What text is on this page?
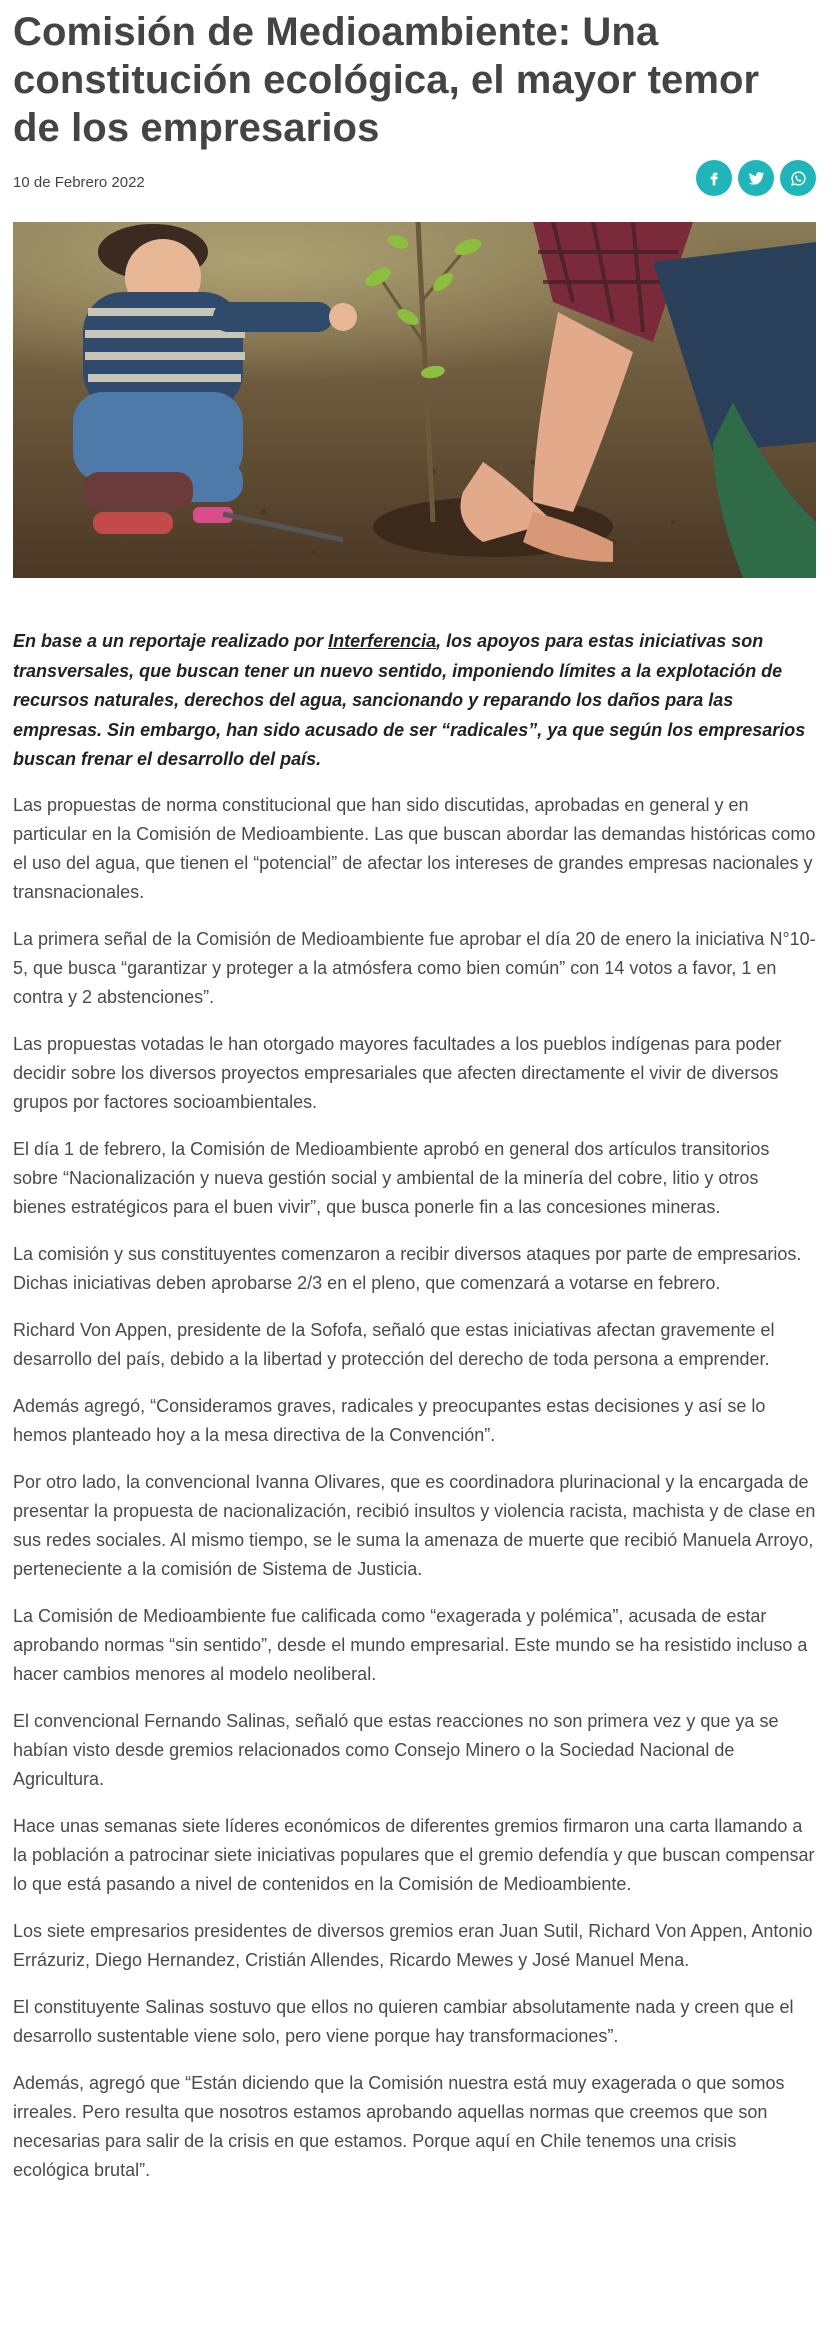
Comisión de Medioambiente: Una constitución ecológica, el mayor temor de los empresarios
10 de Febrero 2022

En base a un reportaje realizado por Interferencia, los apoyos para estas iniciativas son transversales, que buscan tener un nuevo sentido, imponiendo límites a la explotación de recursos naturales, derechos del agua, sancionando y reparando los daños para las empresas. Sin embargo, han sido acusado de ser “radicales”, ya que según los empresarios buscan frenar el desarrollo del país.

Las propuestas de norma constitucional que han sido discutidas, aprobadas en general y en particular en la Comisión de Medioambiente. Las que buscan abordar las demandas históricas como el uso del agua, que tienen el “potencial” de afectar los intereses de grandes empresas nacionales y transnacionales.

La primera señal de la Comisión de Medioambiente fue aprobar el día 20 de enero la iniciativa N°10-5, que busca “garantizar y proteger a la atmósfera como bien común” con 14 votos a favor, 1 en contra y 2 abstenciones”.

Las propuestas votadas le han otorgado mayores facultades a los pueblos indígenas para poder decidir sobre los diversos proyectos empresariales que afecten directamente el vivir de diversos grupos por factores socioambientales.

El día 1 de febrero, la Comisión de Medioambiente aprobó en general dos artículos transitorios sobre “Nacionalización y nueva gestión social y ambiental de la minería del cobre, litio y otros bienes estratégicos para el buen vivir”, que busca ponerle fin a las concesiones mineras.

La comisión y sus constituyentes comenzaron a recibir diversos ataques por parte de empresarios. Dichas iniciativas deben aprobarse 2/3 en el pleno, que comenzará a votarse en febrero.

Richard Von Appen, presidente de la Sofofa, señaló que estas iniciativas afectan gravemente el desarrollo del país, debido a la libertad y protección del derecho de toda persona a emprender.

Además agregó, “Consideramos graves, radicales y preocupantes estas decisiones y así se lo hemos planteado hoy a la mesa directiva de la Convención”.

Por otro lado, la convencional Ivanna Olivares, que es coordinadora plurinacional y la encargada de presentar la propuesta de nacionalización, recibió insultos y violencia racista, machista y de clase en sus redes sociales. Al mismo tiempo, se le suma la amenaza de muerte que recibió Manuela Arroyo, perteneciente a la comisión de Sistema de Justicia.

La Comisión de Medioambiente fue calificada como “exagerada y polémica”, acusada de estar aprobando normas “sin sentido”, desde el mundo empresarial. Este mundo se ha resistido incluso a hacer cambios menores al modelo neoliberal.

El convencional Fernando Salinas, señaló que estas reacciones no son primera vez y que ya se habían visto desde gremios relacionados como Consejo Minero o la Sociedad Nacional de Agricultura.

Hace unas semanas siete líderes económicos de diferentes gremios firmaron una carta llamando a la población a patrocinar siete iniciativas populares que el gremio defendía y que buscan compensar lo que está pasando a nivel de contenidos en la Comisión de Medioambiente.

Los siete empresarios presidentes de diversos gremios eran Juan Sutil, Richard Von Appen, Antonio Errázuriz, Diego Hernandez, Cristián Allendes, Ricardo Mewes y José Manuel Mena.

El constituyente Salinas sostuvo que ellos no quieren cambiar absolutamente nada y creen que el desarrollo sustentable viene solo, pero viene porque hay transformaciones”.

Además, agregó que “Están diciendo que la Comisión nuestra está muy exagerada o que somos irreales. Pero resulta que nosotros estamos aprobando aquellas normas que creemos que son necesarias para salir de la crisis en que estamos. Porque aquí en Chile tenemos una crisis ecológica brutal”.
